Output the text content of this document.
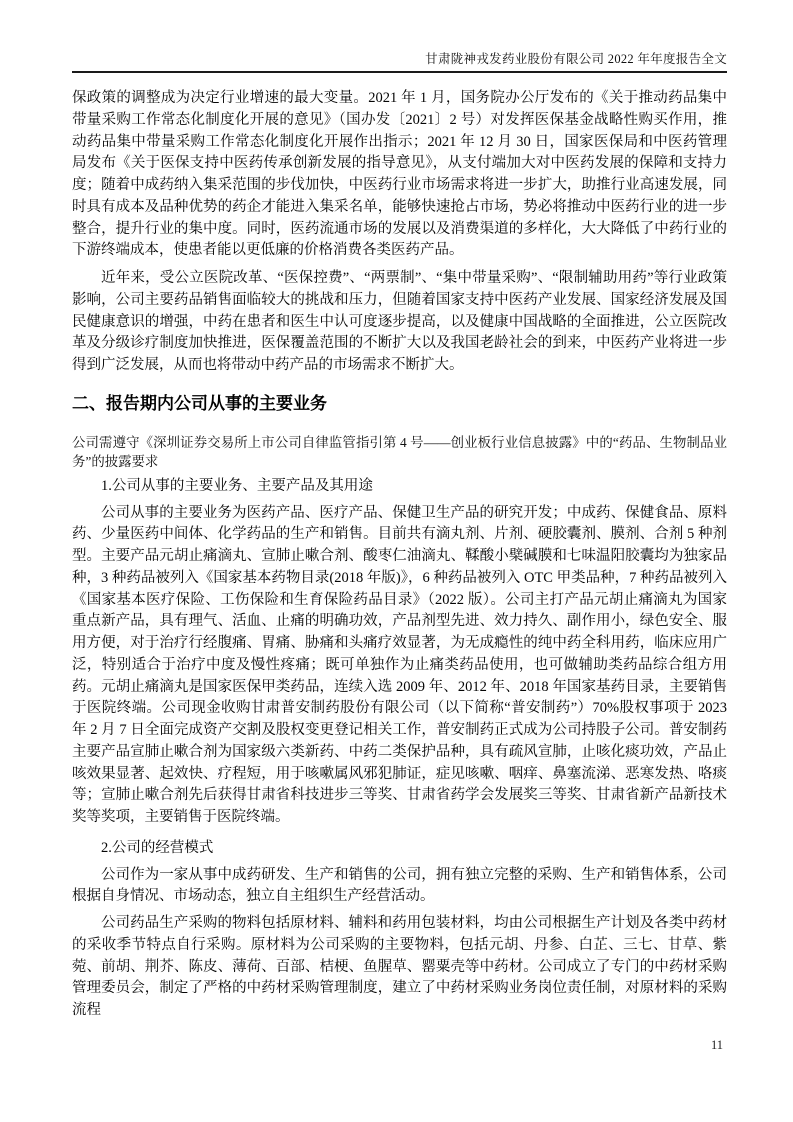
甘肃陇神戎发药业股份有限公司 2022 年年度报告全文

保政策的调整成为决定行业增速的最大变量。2021 年 1 月，国务院办公厅发布的《关于推动药品集中带量采购工作常态化制度化开展的意见》（国办发〔2021〕2 号）对发挥医保基金战略性购买作用，推动药品集中带量采购工作常态化制度化开展作出指示；2021 年 12 月 30 日，国家医保局和中医药管理局发布《关于医保支持中医药传承创新发展的指导意见》，从支付端加大对中医药发展的保障和支持力度；随着中成药纳入集采范围的步伐加快，中医药行业市场需求将进一步扩大，助推行业高速发展，同时具有成本及品种优势的药企才能进入集采名单，能够快速抢占市场，势必将推动中医药行业的进一步整合，提升行业的集中度。同时，医药流通市场的发展以及消费渠道的多样化，大大降低了中药行业的下游终端成本，使患者能以更低廉的价格消费各类医药产品。

近年来，受公立医院改革、“医保控费”、“两票制”、“集中带量采购”、“限制辅助用药”等行业政策影响，公司主要药品销售面临较大的挑战和压力，但随着国家支持中医药产业发展、国家经济发展及国民健康意识的增强，中药在患者和医生中认可度逐步提高，以及健康中国战略的全面推进，公立医院改革及分级诊疗制度加快推进，医保覆盖范围的不断扩大以及我国老龄社会的到来，中医药产业将进一步得到广泛发展，从而也将带动中药产品的市场需求不断扩大。

二、报告期内公司从事的主要业务

公司需遵守《深圳证券交易所上市公司自律监管指引第 4 号——创业板行业信息披露》中的“药品、生物制品业务”的披露要求

1.公司从事的主要业务、主要产品及其用途

公司从事的主要业务为医药产品、医疗产品、保健卫生产品的研究开发；中成药、保健食品、原料药、少量医药中间体、化学药品的生产和销售。目前共有滴丸剂、片剂、硬胶囊剂、膜剂、合剂 5 种剂型。主要产品元胡止痛滴丸、宣肺止嗽合剂、酸枣仁油滴丸、鞣酸小檗碱膜和七味温阳胶囊均为独家品种，3 种药品被列入《国家基本药物目录(2018 年版)》，6 种药品被列入 OTC 甲类品种，7 种药品被列入《国家基本医疗保险、工伤保险和生育保险药品目录》（2022 版）。公司主打产品元胡止痛滴丸为国家重点新产品，具有理气、活血、止痛的明确功效，产品剂型先进、效力持久、副作用小，绿色安全、服用方便，对于治疗行经腹痛、胃痛、胁痛和头痛疗效显著，为无成瘾性的纯中药全科用药，临床应用广泛，特别适合于治疗中度及慢性疼痛；既可单独作为止痛类药品使用，也可做辅助类药品综合组方用药。元胡止痛滴丸是国家医保甲类药品，连续入选 2009 年、2012 年、2018 年国家基药目录，主要销售于医院终端。公司现金收购甘肃普安制药股份有限公司（以下简称“普安制药”）70%股权事项于 2023 年 2 月 7 日全面完成资产交割及股权变更登记相关工作，普安制药正式成为公司持股子公司。普安制药主要产品宣肺止嗽合剂为国家级六类新药、中药二类保护品种，具有疏风宣肺，止咳化痰功效，产品止咳效果显著、起效快、疗程短，用于咳嗽属风邪犯肺证，症见咳嗽、咽痒、鼻塞流涕、恶寒发热、咯痰等；宣肺止嗽合剂先后获得甘肃省科技进步三等奖、甘肃省药学会发展奖三等奖、甘肃省新产品新技术奖等奖项，主要销售于医院终端。

2.公司的经营模式

公司作为一家从事中成药研发、生产和销售的公司，拥有独立完整的采购、生产和销售体系，公司根据自身情况、市场动态，独立自主组织生产经营活动。

公司药品生产采购的物料包括原材料、辅料和药用包装材料，均由公司根据生产计划及各类中药材的采收季节特点自行采购。原材料为公司采购的主要物料，包括元胡、丹参、白芷、三七、甘草、紫菀、前胡、荆芥、陈皮、薄荷、百部、桔梗、鱼腥草、罂粟壳等中药材。公司成立了专门的中药材采购管理委员会，制定了严格的中药材采购管理制度，建立了中药材采购业务岗位责任制，对原材料的采购流程

11
